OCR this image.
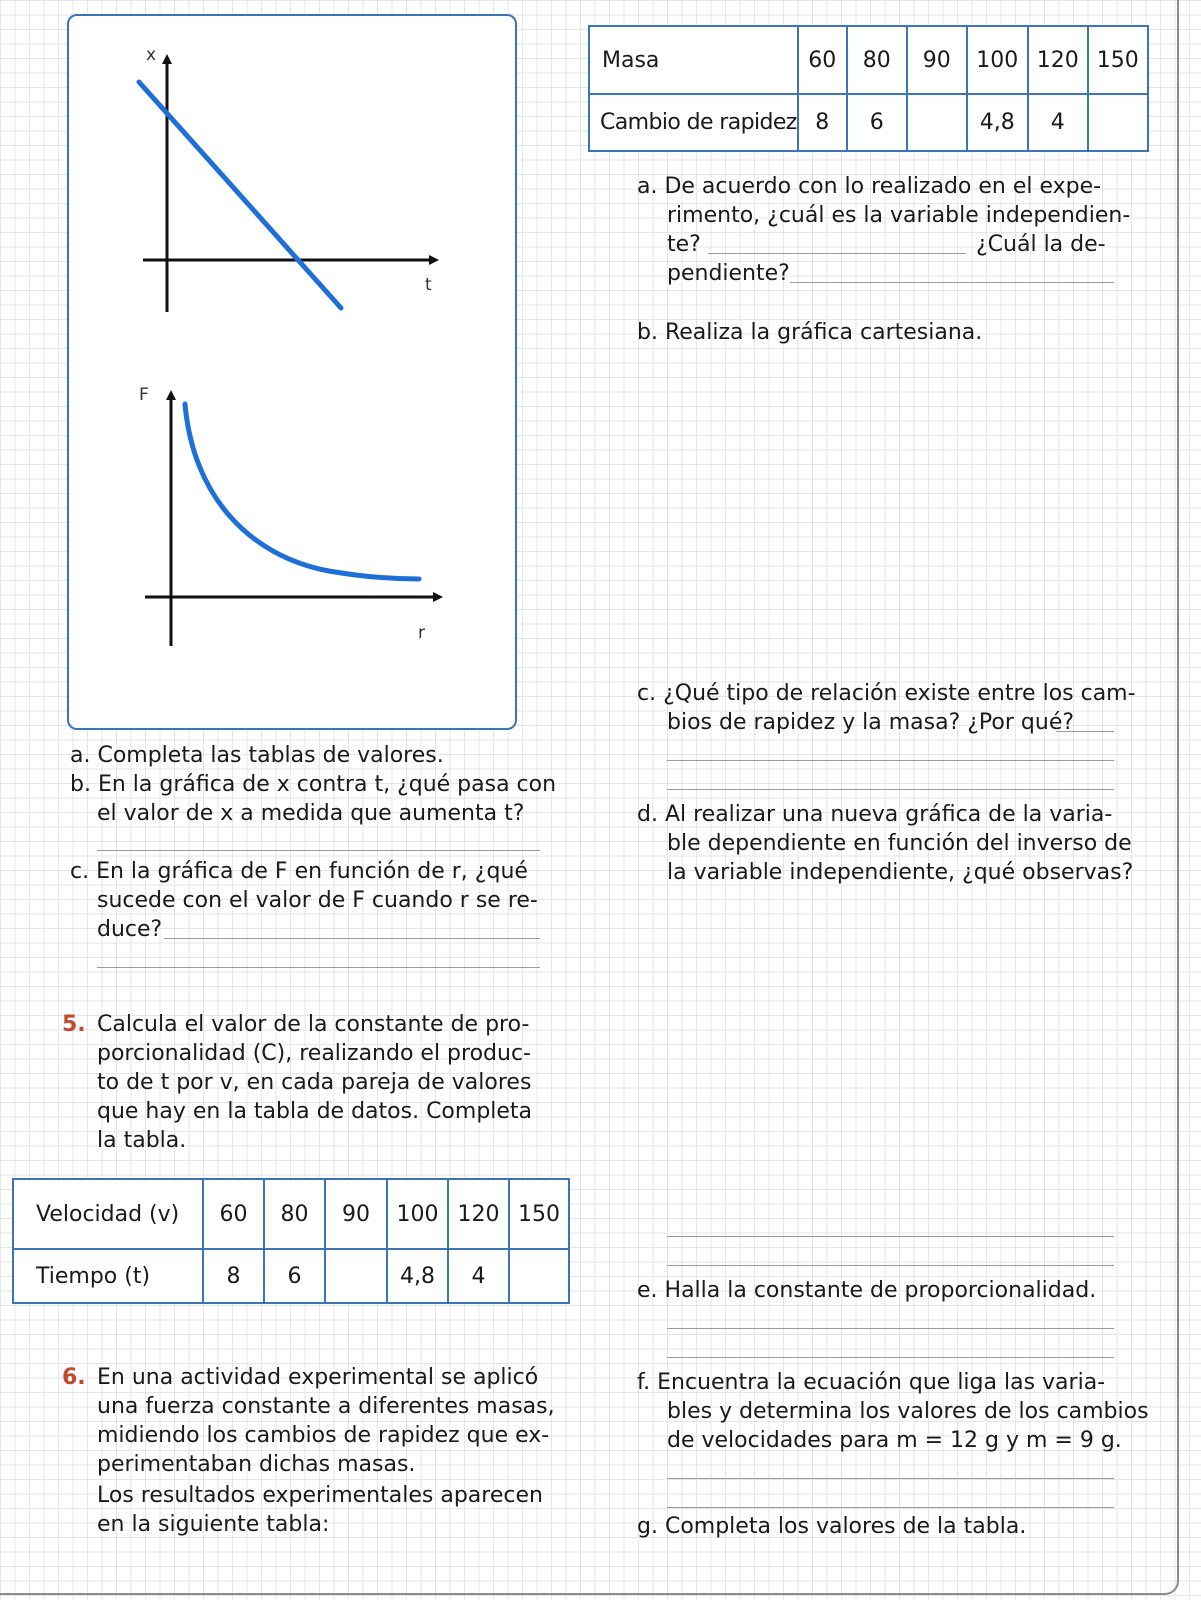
x
t
F
r
Masa	60	80	90	100	120	150
Cambio de rapidez	8	6		4,8	4	
Velocidad (v)	60	80	90	100	120	150
Tiempo (t)	8	6		4,8	4	

a. Completa las tablas de valores.

b. En la gráfica de x contra t, ¿qué pasa con

el valor de x a medida que aumenta t?

c. En la gráfica de F en función de r, ¿qué

sucede con el valor de F cuando r se re-

duce?

5. Calcula el valor de la constante de pro-

porcionalidad (C), realizando el produc-

to de t por v, en cada pareja de valores

que hay en la tabla de datos. Completa

la tabla.

6. En una actividad experimental se aplicó

una fuerza constante a diferentes masas,

midiendo los cambios de rapidez que ex-

perimentaban dichas masas.

Los resultados experimentales aparecen

en la siguiente tabla:

a. De acuerdo con lo realizado en el expe-

rimento, ¿cuál es la variable independien-

te?	¿Cuál la de-

pendiente?

b. Realiza la gráfica cartesiana.

c. ¿Qué tipo de relación existe entre los cam-

bios de rapidez y la masa? ¿Por qué?

d. Al realizar una nueva gráfica de la varia-

ble dependiente en función del inverso de

la variable independiente, ¿qué observas?

e. Halla la constante de proporcionalidad.

f. Encuentra la ecuación que liga las varia-

bles y determina los valores de los cambios

de velocidades para m = 12 g y m = 9 g.

g. Completa los valores de la tabla.
